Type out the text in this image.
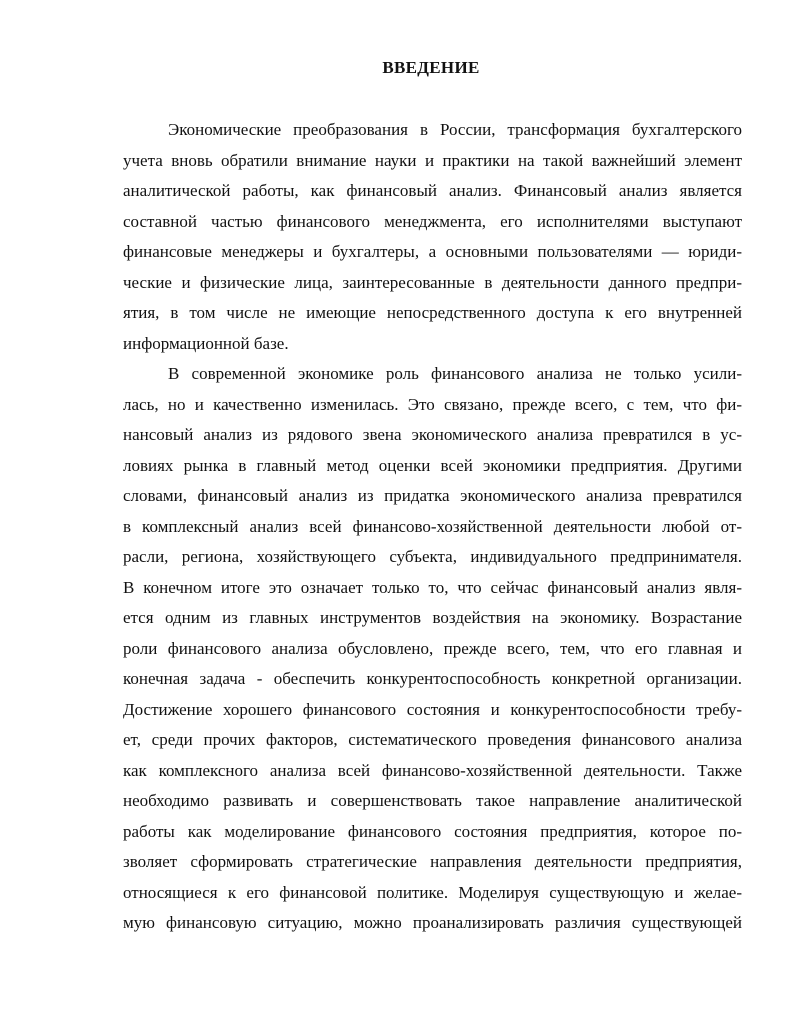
ВВЕДЕНИЕ
Экономические преобразования в России, трансформация бухгалтерского
учета вновь обратили внимание науки и практики на такой важнейший элемент
аналитической работы, как финансовый анализ. Финансовый анализ является
составной частью финансового менеджмента, его исполнителями выступают
финансовые менеджеры и бухгалтеры, а основными пользователями — юриди-
ческие и физические лица, заинтересованные в деятельности данного предпри-
ятия, в том числе не имеющие непосредственного доступа к его внутренней
информационной базе.
В современной экономике роль финансового анализа не только усили-
лась, но и качественно изменилась. Это связано, прежде всего, с тем, что фи-
нансовый анализ из рядового звена экономического анализа превратился в ус-
ловиях рынка в главный метод оценки всей экономики предприятия. Другими
словами, финансовый анализ из придатка экономического анализа превратился
в комплексный анализ всей финансово-хозяйственной деятельности любой от-
расли, региона, хозяйствующего субъекта, индивидуального предпринимателя.
В конечном итоге это означает только то, что сейчас финансовый анализ явля-
ется одним из главных инструментов воздействия на экономику. Возрастание
роли финансового анализа обусловлено, прежде всего, тем, что его главная и
конечная задача - обеспечить конкурентоспособность конкретной организации.
Достижение хорошего финансового состояния и конкурентоспособности требу-
ет, среди прочих факторов, систематического проведения финансового анализа
как комплексного анализа всей финансово-хозяйственной деятельности. Также
необходимо развивать и совершенствовать такое направление аналитической
работы как моделирование финансового состояния предприятия, которое по-
зволяет сформировать стратегические направления деятельности предприятия,
относящиеся к его финансовой политике. Моделируя существующую и желае-
мую финансовую ситуацию, можно проанализировать различия существующей
